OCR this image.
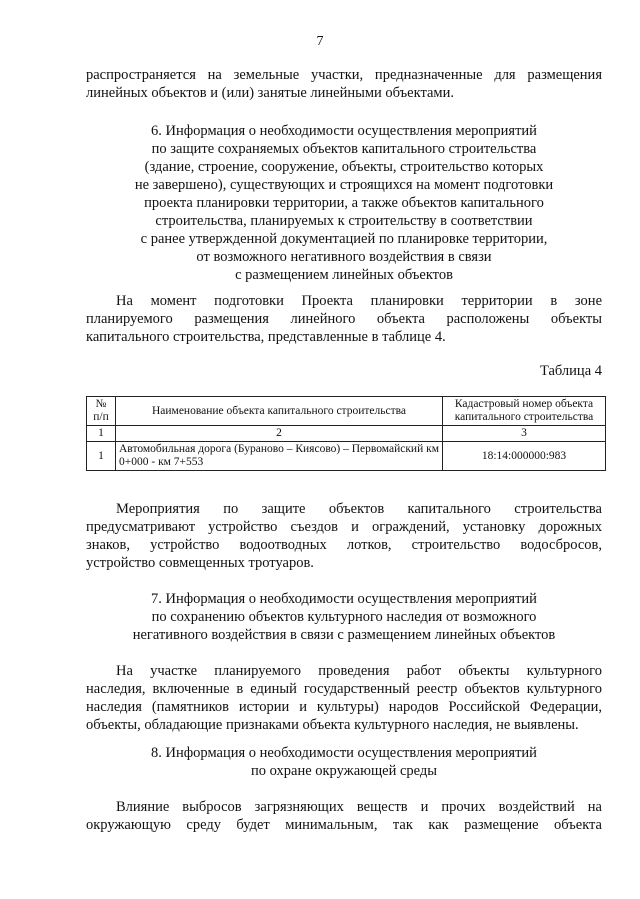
7
распространяется на земельные участки, предназначенные для размещения
линейных объектов и (или) занятые линейными объектами.
6. Информация о необходимости осуществления мероприятий
по защите сохраняемых объектов капитального строительства
(здание, строение, сооружение, объекты, строительство которых
не завершено), существующих и строящихся на момент подготовки
проекта планировки территории, а также объектов капитального
строительства, планируемых к строительству в соответствии
с ранее утвержденной документацией по планировке территории,
от возможного негативного воздействия в связи
с размещением линейных объектов
На момент подготовки Проекта планировки территории в зоне
планируемого размещения линейного объекта расположены объекты
капитального строительства, представленные в таблице 4.
Таблица 4
№ п/п	Наименование объекта капитального строительства	Кадастровый номер объекта капитального строительства
1	2	3
1	Автомобильная дорога (Бураново – Киясово) – Первомайский км 0+000 - км 7+553	18:14:000000:983
Мероприятия по защите объектов капитального строительства
предусматривают устройство съездов и ограждений, установку дорожных
знаков, устройство водоотводных лотков, строительство водосбросов,
устройство совмещенных тротуаров.
7. Информация о необходимости осуществления мероприятий
по сохранению объектов культурного наследия от возможного
негативного воздействия в связи с размещением линейных объектов
На участке планируемого проведения работ объекты культурного
наследия, включенные в единый государственный реестр объектов культурного
наследия (памятников истории и культуры) народов Российской Федерации,
объекты, обладающие признаками объекта культурного наследия, не выявлены.
8. Информация о необходимости осуществления мероприятий
по охране окружающей среды
Влияние выбросов загрязняющих веществ и прочих воздействий на
окружающую среду будет минимальным, так как размещение объекта
